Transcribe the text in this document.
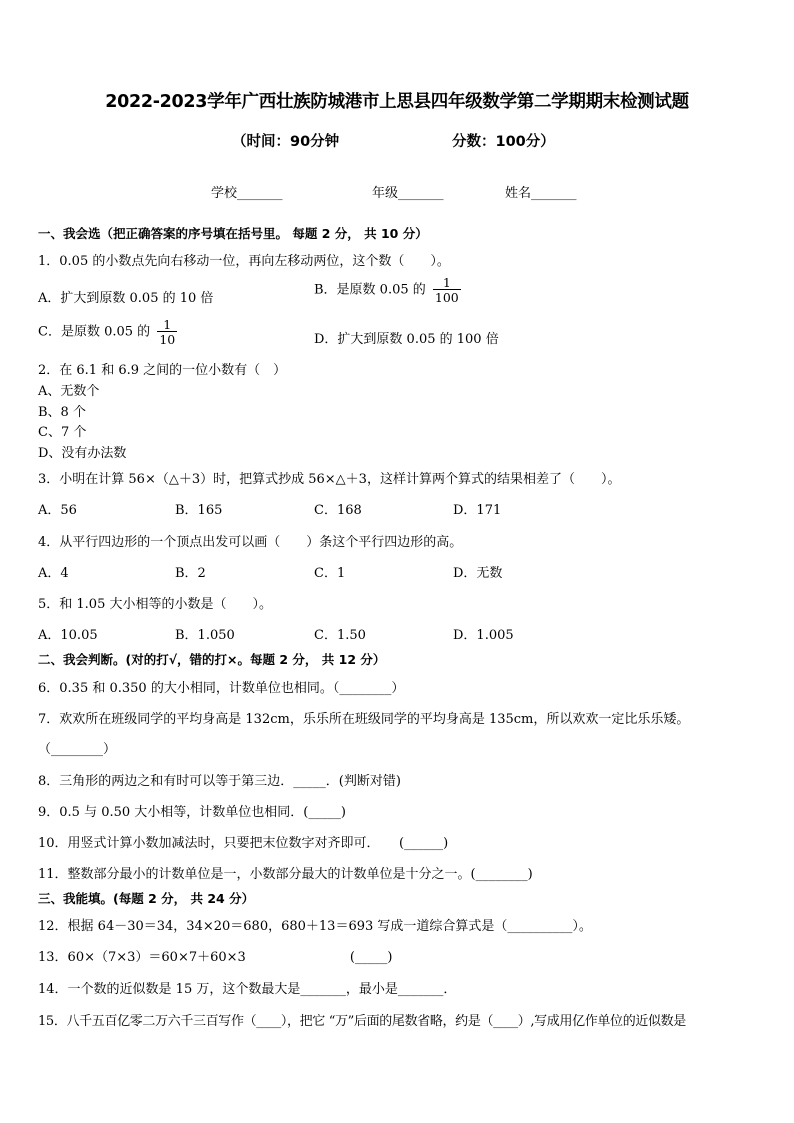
2022-2023学年广西壮族防城港市上思县四年级数学第二学期期末检测试题
（时间：90分钟	分数：100分）
学校_______	年级_______	姓名_______
一、我会选（把正确答案的序号填在括号里。 每题 2 分， 共 10 分）
1．0.05 的小数点先向右移动一位，再向左移动两位，这个数（　　）。
A．扩大到原数 0.05 的 10 倍
B．是原数 0.05 的 $\frac{1}{100}$
C．是原数 0.05 的 $\frac{1}{10}$	D．扩大到原数 0.05 的 100 倍
2．在 6.1 和 6.9 之间的一位小数有（　）
A、无数个
B、8 个
C、7 个
D、没有办法数
3．小明在计算 56×（△＋3）时，把算式抄成 56×△＋3，这样计算两个算式的结果相差了（　　）。
A．56	B．165	C．168	D．171
4．从平行四边形的一个顶点出发可以画（　　）条这个平行四边形的高。
A．4	B．2	C．1	D．无数
5．和 1.05 大小相等的小数是（　　）。
A．10.05	B．1.050	C．1.50	D．1.005
二、我会判断。(对的打√，错的打×。每题 2 分， 共 12 分）
6．0.35 和 0.350 的大小相同，计数单位也相同。（________）
7．欢欢所在班级同学的平均身高是 132cm，乐乐所在班级同学的平均身高是 135cm，所以欢欢一定比乐乐矮。
（________）
8．三角形的两边之和有时可以等于第三边．_____．(判断对错)
9．0.5 与 0.50 大小相等，计数单位也相同．(_____)
10．用竖式计算小数加减法时，只要把末位数字对齐即可．　　(______)
11．整数部分最小的计数单位是一，小数部分最大的计数单位是十分之一。(________)
三、我能填。(每题 2 分， 共 24 分）
12．根据 64－30＝34，34×20＝680，680＋13＝693 写成一道综合算式是（__________）。
13．60×（7×3）＝60×7＋60×3　　　　　　　　(_____)
14．一个数的近似数是 15 万，这个数最大是_______，最小是_______．
15．八千五百亿零二万六千三百写作（____），把它 “万”后面的尾数省略，约是（____）,写成用亿作单位的近似数是
